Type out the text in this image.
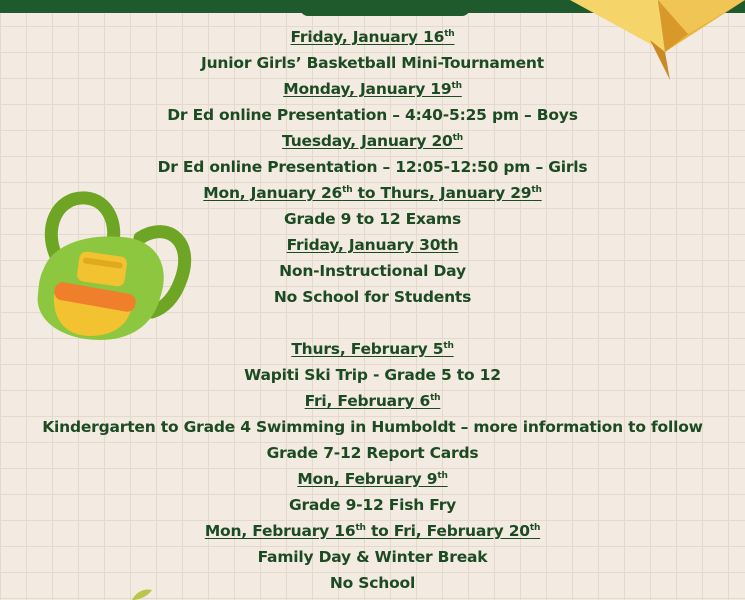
Friday, January 16th
Junior Girls’ Basketball Mini-Tournament
Monday, January 19th
Dr Ed online Presentation – 4:40-5:25 pm – Boys
Tuesday, January 20th
Dr Ed online Presentation – 12:05-12:50 pm – Girls
Mon, January 26th to Thurs, January 29th
Grade 9 to 12 Exams
Friday, January 30th
Non-Instructional Day
No School for Students
Thurs, February 5th
Wapiti Ski Trip - Grade 5 to 12
Fri, February 6th
Kindergarten to Grade 4 Swimming in Humboldt – more information to follow
Grade 7-12 Report Cards
Mon, February 9th
Grade 9-12 Fish Fry
Mon, February 16th to Fri, February 20th
Family Day & Winter Break
No School
